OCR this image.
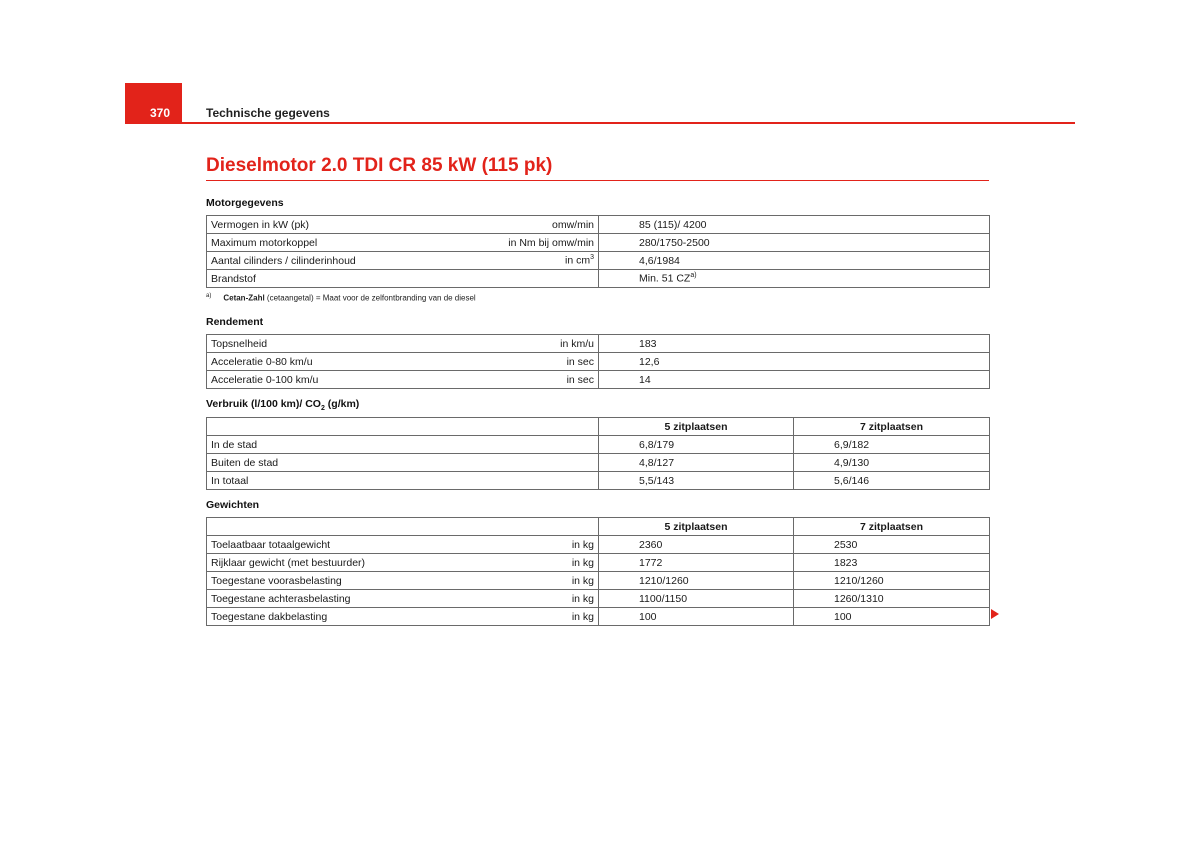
370	Technische gegevens
Dieselmotor 2.0 TDI CR 85 kW (115 pk)
Motorgegevens
Vermogen in kW (pk)	omw/min	85 (115)/ 4200
Maximum motorkoppel	in Nm bij omw/min	280/1750-2500
Aantal cilinders / cilinderinhoud	in $cm^3$	4,6/1984
Brandstof		Min. 51 CZ$^{a)}$
$^{a)}$ Cetan-Zahl (cetaangetal) = Maat voor de zelfontbranding van de diesel
Rendement
Topsnelheid	in km/u	183
Acceleratie 0-80 km/u	in sec	12,6
Acceleratie 0-100 km/u	in sec	14
Verbruik (l/100 km)/ $CO_2$ (g/km)
	5 zitplaatsen	7 zitplaatsen
In de stad	6,8/179	6,9/182
Buiten de stad	4,8/127	4,9/130
In totaal	5,5/143	5,6/146
Gewichten
		5 zitplaatsen	7 zitplaatsen
Toelaatbaar totaalgewicht	in kg	2360	2530
Rijklaar gewicht (met bestuurder)	in kg	1772	1823
Toegestane voorasbelasting	in kg	1210/1260	1210/1260
Toegestane achterasbelasting	in kg	1100/1150	1260/1310
Toegestane dakbelasting	in kg	100	100
